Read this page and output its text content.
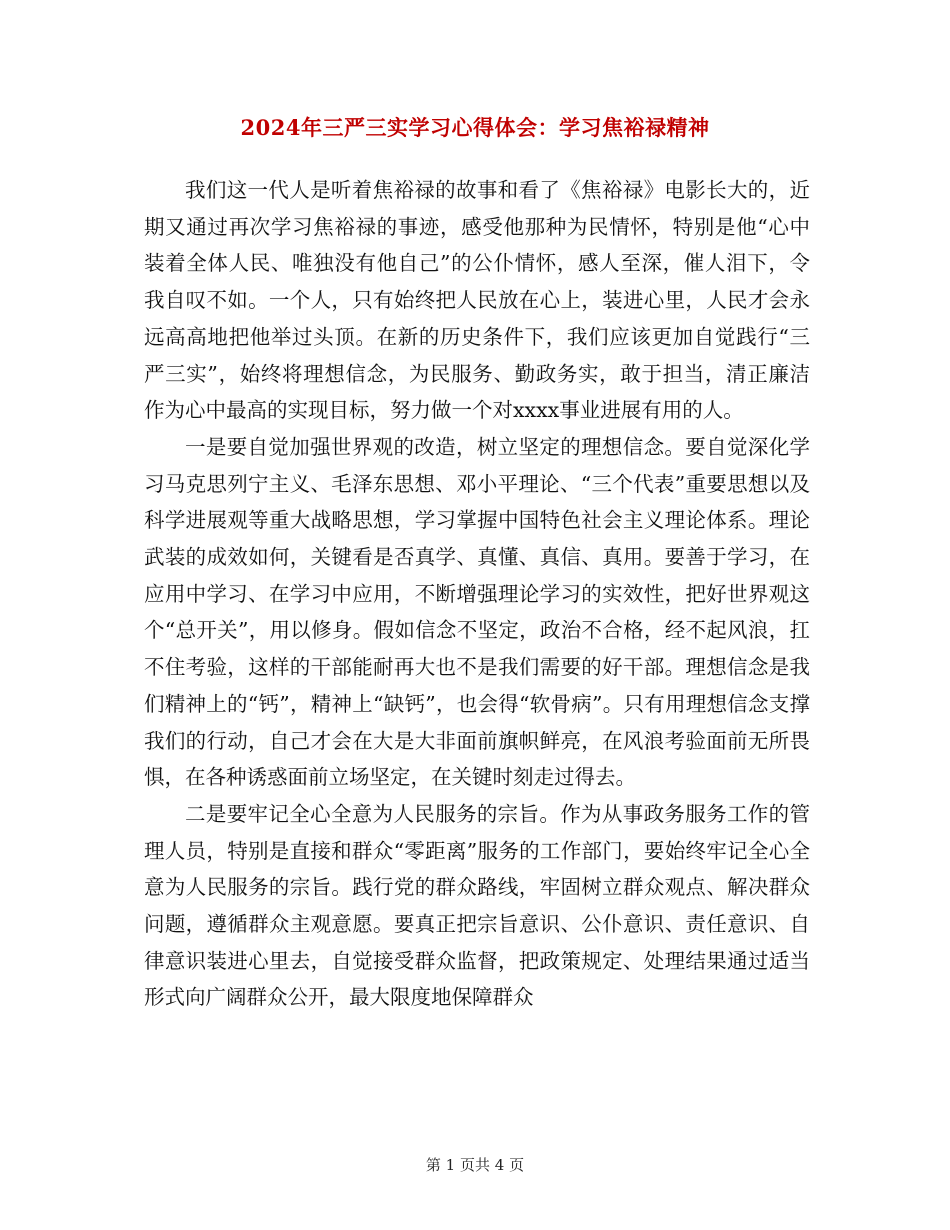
2024年三严三实学习心得体会：学习焦裕禄精神

我们这一代人是听着焦裕禄的故事和看了《焦裕禄》电影长大的，近期又通过再次学习焦裕禄的事迹，感受他那种为民情怀，特别是他“心中装着全体人民、唯独没有他自己”的公仆情怀，感人至深，催人泪下，令我自叹不如。一个人，只有始终把人民放在心上，装进心里，人民才会永远高高地把他举过头顶。在新的历史条件下，我们应该更加自觉践行“三严三实”，始终将理想信念，为民服务、勤政务实，敢于担当，清正廉洁作为心中最高的实现目标，努力做一个对xxxx事业进展有用的人。

一是要自觉加强世界观的改造，树立坚定的理想信念。要自觉深化学习马克思列宁主义、毛泽东思想、邓小平理论、“三个代表”重要思想以及科学进展观等重大战略思想，学习掌握中国特色社会主义理论体系。理论武装的成效如何，关键看是否真学、真懂、真信、真用。要善于学习，在应用中学习、在学习中应用，不断增强理论学习的实效性，把好世界观这个“总开关”，用以修身。假如信念不坚定，政治不合格，经不起风浪，扛不住考验，这样的干部能耐再大也不是我们需要的好干部。理想信念是我们精神上的“钙”，精神上“缺钙”，也会得“软骨病”。只有用理想信念支撑我们的行动，自己才会在大是大非面前旗帜鲜亮，在风浪考验面前无所畏惧，在各种诱惑面前立场坚定，在关键时刻走过得去。

二是要牢记全心全意为人民服务的宗旨。作为从事政务服务工作的管理人员，特别是直接和群众“零距离”服务的工作部门，要始终牢记全心全意为人民服务的宗旨。践行党的群众路线，牢固树立群众观点、解决群众问题，遵循群众主观意愿。要真正把宗旨意识、公仆意识、责任意识、自律意识装进心里去，自觉接受群众监督，把政策规定、处理结果通过适当形式向广阔群众公开，最大限度地保障群众

第 1 页共 4 页
